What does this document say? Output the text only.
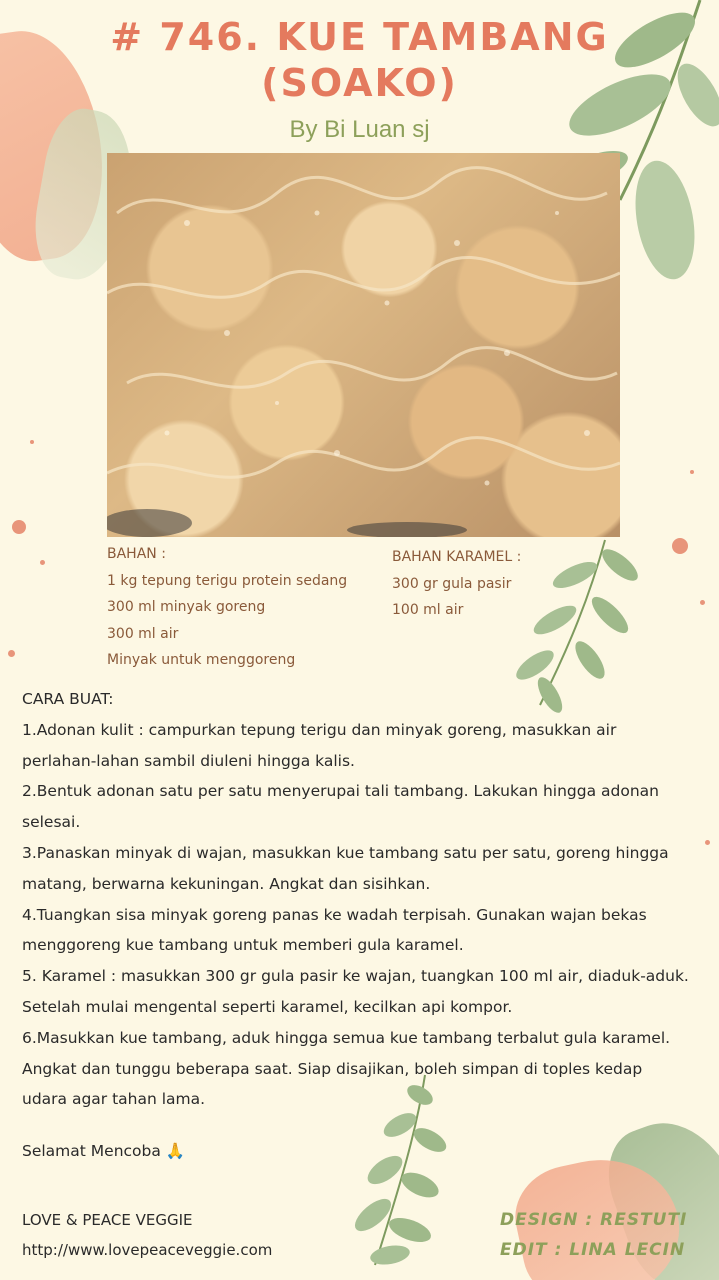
# 746. KUE TAMBANG
(SOAKO)
By Bi Luan sj
BAHAN :
1 kg tepung terigu protein sedang
300 ml minyak goreng
300 ml air
Minyak untuk menggoreng
BAHAN KARAMEL :
300 gr gula pasir
100 ml air

CARA BUAT:

1.Adonan kulit : campurkan tepung terigu dan minyak goreng, masukkan air perlahan-lahan sambil diuleni hingga kalis.

2.Bentuk adonan satu per satu menyerupai tali tambang. Lakukan hingga adonan selesai.

3.Panaskan minyak di wajan, masukkan kue tambang satu per satu, goreng hingga matang, berwarna kekuningan. Angkat dan sisihkan.

4.Tuangkan sisa minyak goreng panas ke wadah terpisah. Gunakan wajan bekas menggoreng kue tambang untuk memberi gula karamel.

5. Karamel : masukkan 300 gr gula pasir ke wajan, tuangkan 100 ml air, diaduk-aduk. Setelah mulai mengental seperti karamel, kecilkan api kompor.

6.Masukkan kue tambang, aduk hingga semua kue tambang terbalut gula karamel. Angkat dan tunggu beberapa saat. Siap disajikan, boleh simpan di toples kedap udara agar tahan lama.

Selamat Mencoba 🙏
LOVE & PEACE VEGGIE
http://www.lovepeaceveggie.com
DESIGN : RESTUTI
EDIT : LINA LECIN
